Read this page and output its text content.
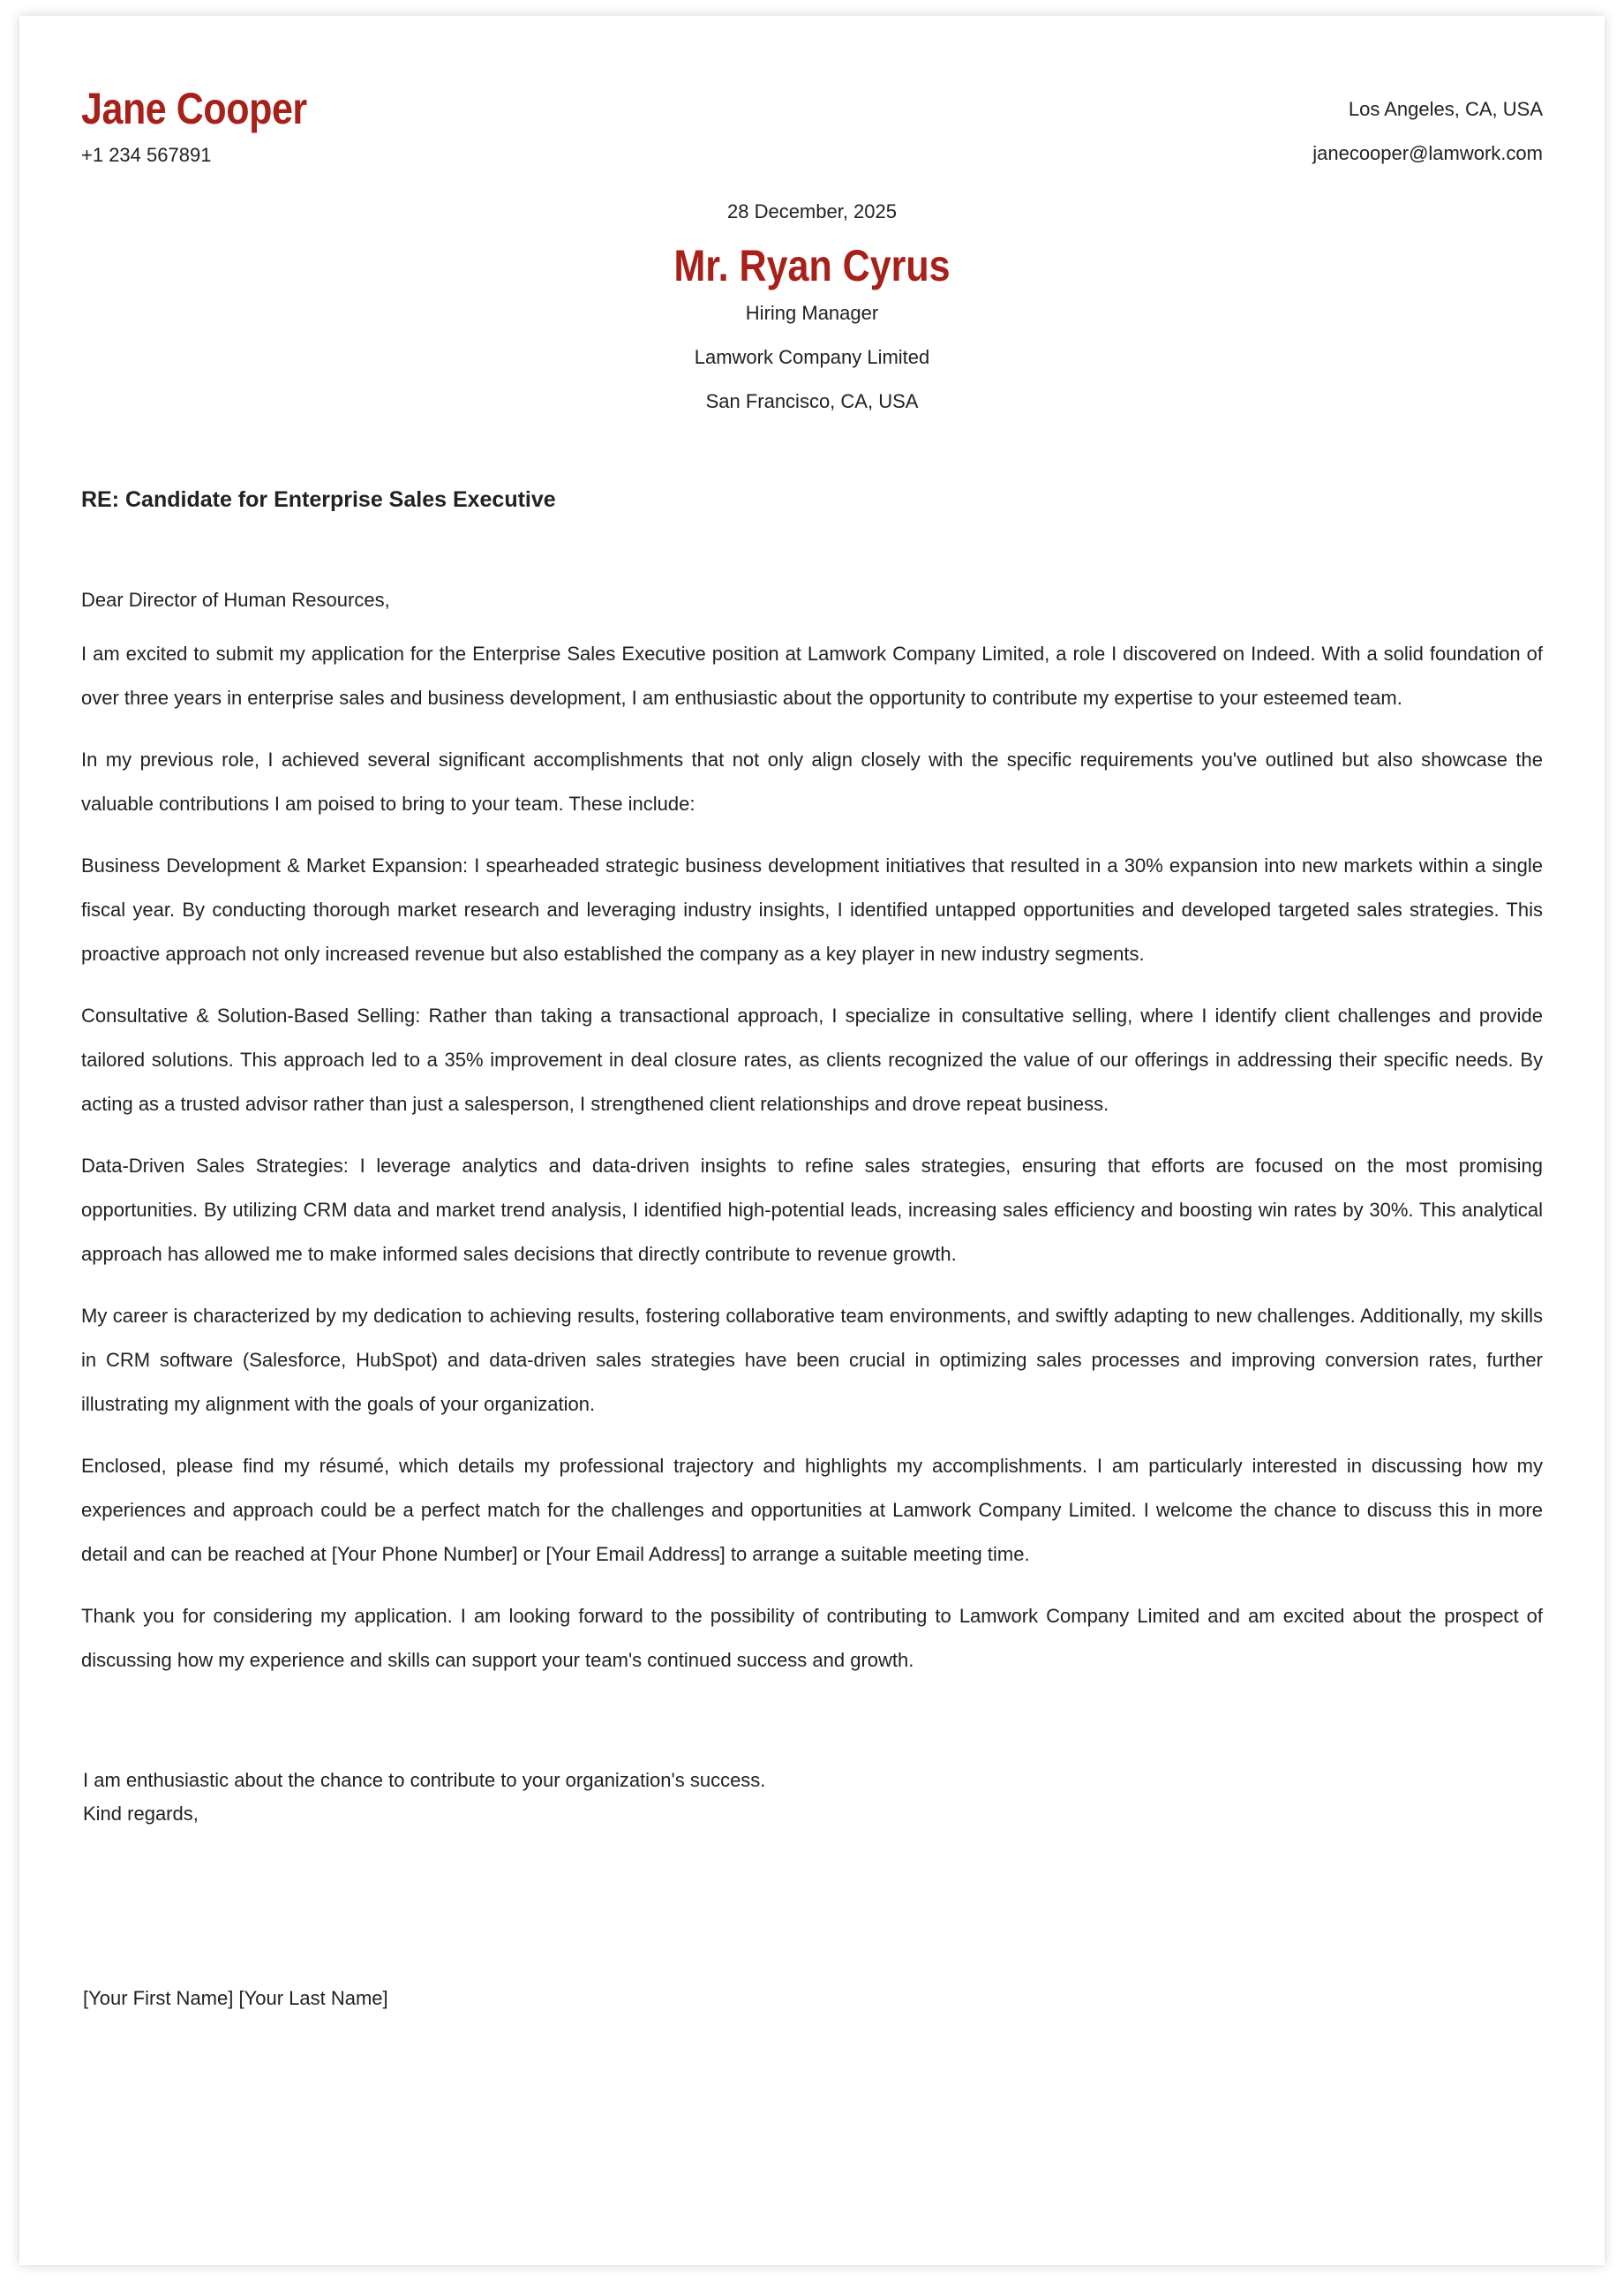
Jane Cooper
+1 234 567891
Los Angeles, CA, USA
janecooper@lamwork.com
28 December, 2025
Mr. Ryan Cyrus
Hiring Manager
Lamwork Company Limited
San Francisco, CA, USA
RE: Candidate for Enterprise Sales Executive

Dear Director of Human Resources,

I am excited to submit my application for the Enterprise Sales Executive position at Lamwork Company Limited, a role I discovered on Indeed. With a solid foundation of over three years in enterprise sales and business development, I am enthusiastic about the opportunity to contribute my expertise to your esteemed team.

In my previous role, I achieved several significant accomplishments that not only align closely with the specific requirements you've outlined but also showcase the valuable contributions I am poised to bring to your team. These include:

Business Development & Market Expansion: I spearheaded strategic business development initiatives that resulted in a 30% expansion into new markets within a single fiscal year. By conducting thorough market research and leveraging industry insights, I identified untapped opportunities and developed targeted sales strategies. This proactive approach not only increased revenue but also established the company as a key player in new industry segments.

Consultative & Solution-Based Selling: Rather than taking a transactional approach, I specialize in consultative selling, where I identify client challenges and provide tailored solutions. This approach led to a 35% improvement in deal closure rates, as clients recognized the value of our offerings in addressing their specific needs. By acting as a trusted advisor rather than just a salesperson, I strengthened client relationships and drove repeat business.

Data-Driven Sales Strategies: I leverage analytics and data-driven insights to refine sales strategies, ensuring that efforts are focused on the most promising opportunities. By utilizing CRM data and market trend analysis, I identified high-potential leads, increasing sales efficiency and boosting win rates by 30%. This analytical approach has allowed me to make informed sales decisions that directly contribute to revenue growth.

My career is characterized by my dedication to achieving results, fostering collaborative team environments, and swiftly adapting to new challenges. Additionally, my skills in CRM software (Salesforce, HubSpot) and data-driven sales strategies have been crucial in optimizing sales processes and improving conversion rates, further illustrating my alignment with the goals of your organization.

Enclosed, please find my résumé, which details my professional trajectory and highlights my accomplishments. I am particularly interested in discussing how my experiences and approach could be a perfect match for the challenges and opportunities at Lamwork Company Limited. I welcome the chance to discuss this in more detail and can be reached at [Your Phone Number] or [Your Email Address] to arrange a suitable meeting time.

Thank you for considering my application. I am looking forward to the possibility of contributing to Lamwork Company Limited and am excited about the prospect of discussing how my experience and skills can support your team's continued success and growth.

I am enthusiastic about the chance to contribute to your organization's success.
Kind regards,
[Your First Name] [Your Last Name]
